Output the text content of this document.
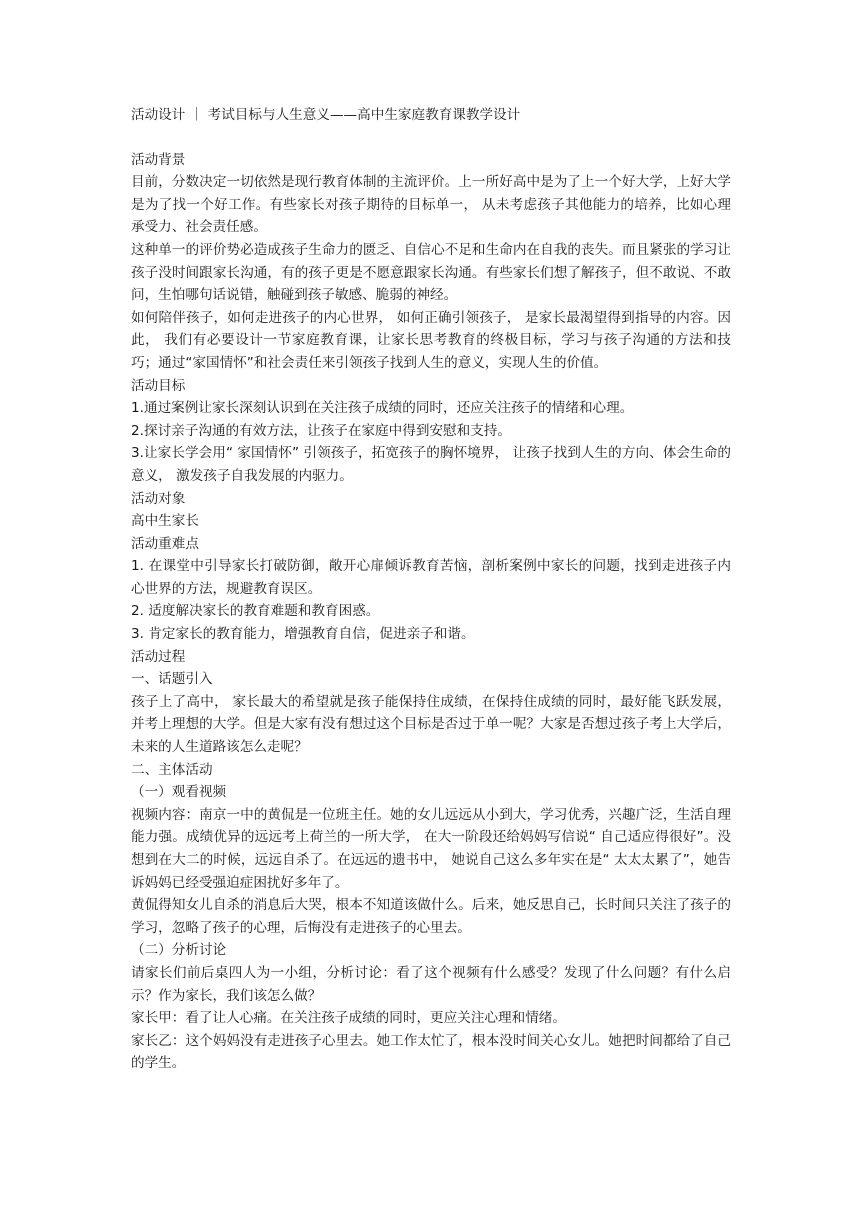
活动设计 ｜ 考试目标与人生意义——高中生家庭教育课教学设计

活动背景

目前，分数决定一切依然是现行教育体制的主流评价。上一所好高中是为了上一个好大学，上好大学是为了找一个好工作。有些家长对孩子期待的目标单一， 从未考虑孩子其他能力的培养，比如心理承受力、社会责任感。

这种单一的评价势必造成孩子生命力的匮乏、自信心不足和生命内在自我的丧失。而且紧张的学习让孩子没时间跟家长沟通，有的孩子更是不愿意跟家长沟通。有些家长们想了解孩子，但不敢说、不敢问，生怕哪句话说错，触碰到孩子敏感、脆弱的神经。

如何陪伴孩子，如何走进孩子的内心世界， 如何正确引领孩子， 是家长最渴望得到指导的内容。因此， 我们有必要设计一节家庭教育课，让家长思考教育的终极目标，学习与孩子沟通的方法和技巧；通过“家国情怀”和社会责任来引领孩子找到人生的意义，实现人生的价值。

活动目标

1.通过案例让家长深刻认识到在关注孩子成绩的同时，还应关注孩子的情绪和心理。

2.探讨亲子沟通的有效方法，让孩子在家庭中得到安慰和支持。

3.让家长学会用“ 家国情怀” 引领孩子，拓宽孩子的胸怀境界， 让孩子找到人生的方向、体会生命的意义， 激发孩子自我发展的内驱力。

活动对象

高中生家长

活动重难点

1. 在课堂中引导家长打破防御，敞开心扉倾诉教育苦恼，剖析案例中家长的问题，找到走进孩子内心世界的方法，规避教育误区。

2. 适度解决家长的教育难题和教育困惑。

3. 肯定家长的教育能力，增强教育自信，促进亲子和谐。

活动过程

一、话题引入

孩子上了高中， 家长最大的希望就是孩子能保持住成绩，在保持住成绩的同时，最好能飞跃发展，并考上理想的大学。但是大家有没有想过这个目标是否过于单一呢？大家是否想过孩子考上大学后，未来的人生道路该怎么走呢？

二、主体活动

（一）观看视频

视频内容：南京一中的黄侃是一位班主任。她的女儿远远从小到大，学习优秀，兴趣广泛，生活自理能力强。成绩优异的远远考上荷兰的一所大学， 在大一阶段还给妈妈写信说“ 自己适应得很好”。没想到在大二的时候，远远自杀了。在远远的遗书中， 她说自己这么多年实在是“ 太太太累了”，她告诉妈妈已经受强迫症困扰好多年了。

黄侃得知女儿自杀的消息后大哭，根本不知道该做什么。后来，她反思自己，长时间只关注了孩子的学习，忽略了孩子的心理，后悔没有走进孩子的心里去。

（二）分析讨论

请家长们前后桌四人为一小组，分析讨论：看了这个视频有什么感受？发现了什么问题？有什么启示？作为家长，我们该怎么做？

家长甲：看了让人心痛。在关注孩子成绩的同时，更应关注心理和情绪。

家长乙：这个妈妈没有走进孩子心里去。她工作太忙了，根本没时间关心女儿。她把时间都给了自己的学生。
